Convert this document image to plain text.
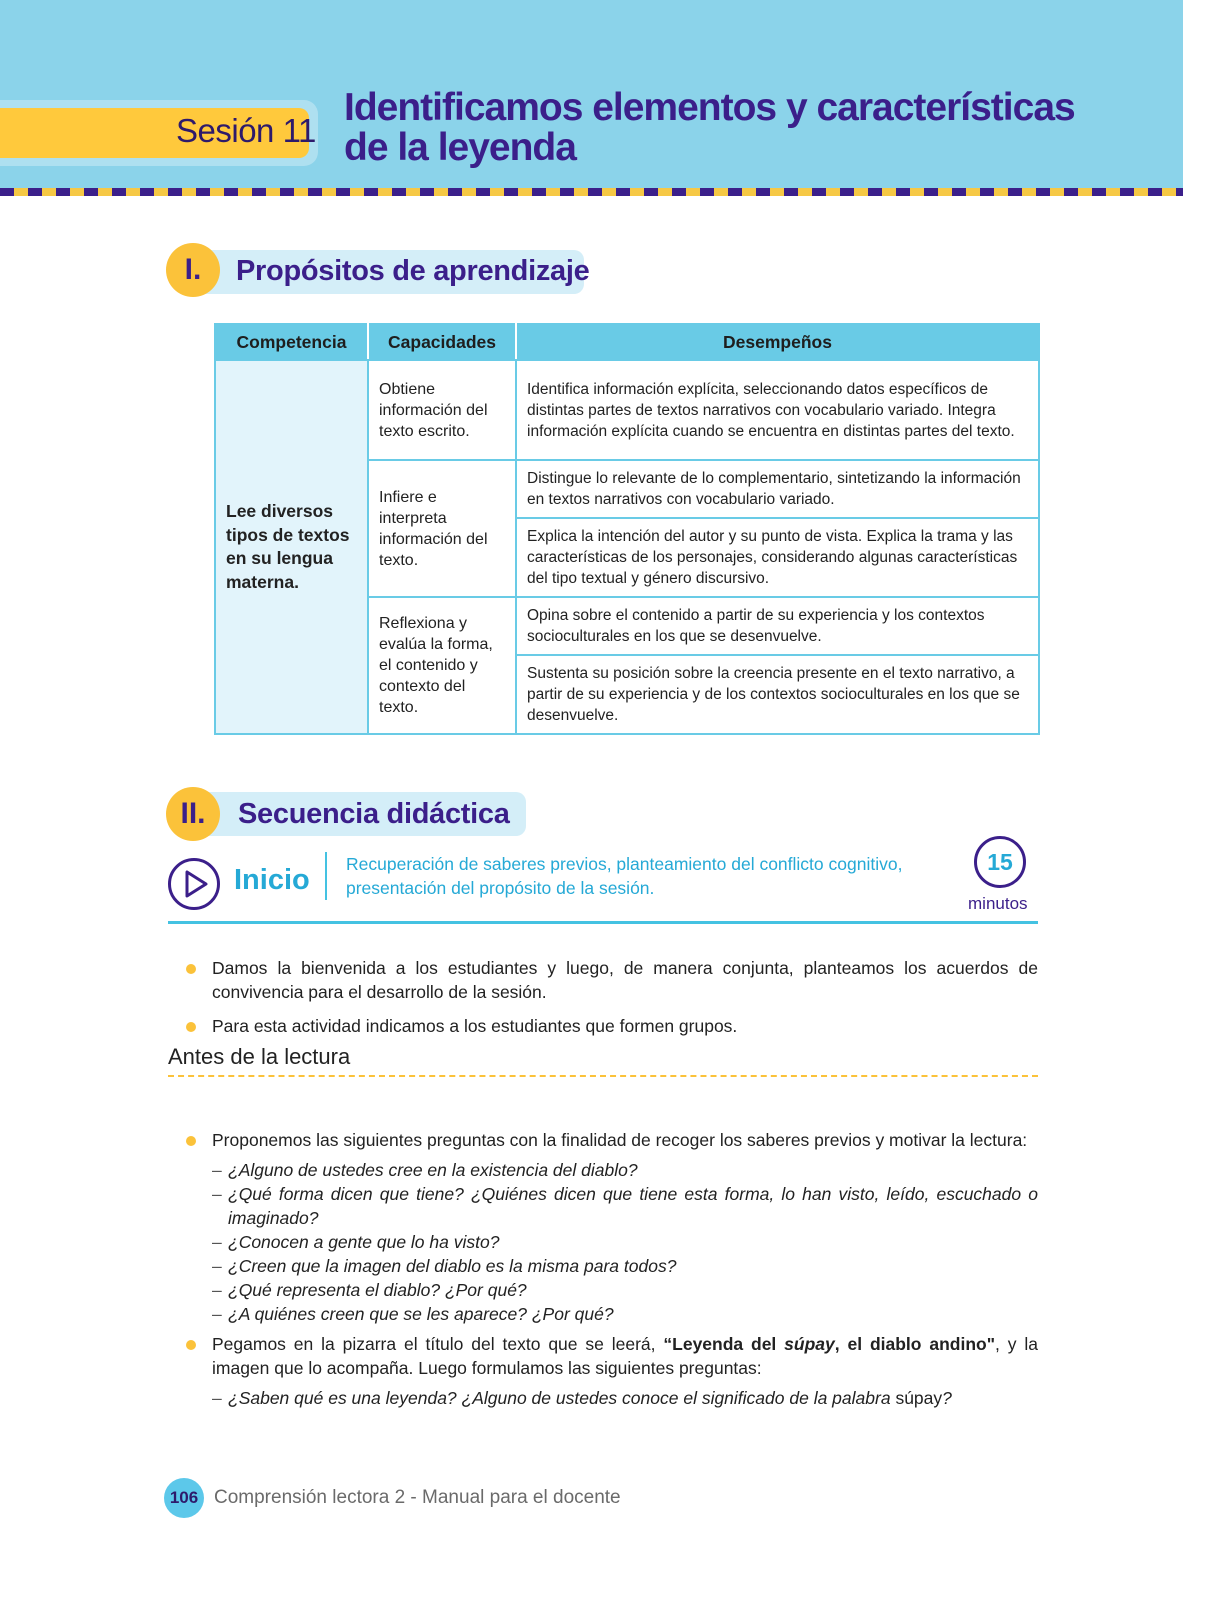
Sesión 11
Identificamos elementos y características
de la leyenda
I.	Propósitos de aprendizaje
Competencia	Capacidades	Desempeños
Lee diversos tipos de textos en su lengua materna.	Obtiene información del texto escrito.	Identifica información explícita, seleccionando datos específicos de distintas partes de textos narrativos con vocabulario variado. Integra información explícita cuando se encuentra en distintas partes del texto.
	Infiere e interpreta información del texto.	Distingue lo relevante de lo complementario, sintetizando la información en textos narrativos con vocabulario variado.
		Explica la intención del autor y su punto de vista. Explica la trama y las características de los personajes, considerando algunas características del tipo textual y género discursivo.
	Reflexiona y evalúa la forma, el contenido y contexto del texto.	Opina sobre el contenido a partir de su experiencia y los contextos socioculturales en los que se desenvuelve.
		Sustenta su posición sobre la creencia presente en el texto narrativo, a partir de su experiencia y de los contextos socioculturales en los que se desenvuelve.
II.	Secuencia didáctica
Inicio Recuperación de saberes previos, planteamiento del conflicto cognitivo, presentación del propósito de la sesión.
15
minutos
Damos la bienvenida a los estudiantes y luego, de manera conjunta, planteamos los acuerdos de convivencia para el desarrollo de la sesión.
Para esta actividad indicamos a los estudiantes que formen grupos.
Antes de la lectura
Proponemos las siguientes preguntas con la finalidad de recoger los saberes previos y motivar la lectura:
– ¿Alguno de ustedes cree en la existencia del diablo?
– ¿Qué forma dicen que tiene? ¿Quiénes dicen que tiene esta forma, lo han visto, leído, escuchado o imaginado?
– ¿Conocen a gente que lo ha visto?
– ¿Creen que la imagen del diablo es la misma para todos?
– ¿Qué representa el diablo? ¿Por qué?
– ¿A quiénes creen que se les aparece? ¿Por qué?
Pegamos en la pizarra el título del texto que se leerá, “Leyenda del súpay, el diablo andino", y la imagen que lo acompaña. Luego formulamos las siguientes preguntas:
– ¿Saben qué es una leyenda? ¿Alguno de ustedes conoce el significado de la palabra súpay?
106 Comprensión lectora 2 - Manual para el docente
